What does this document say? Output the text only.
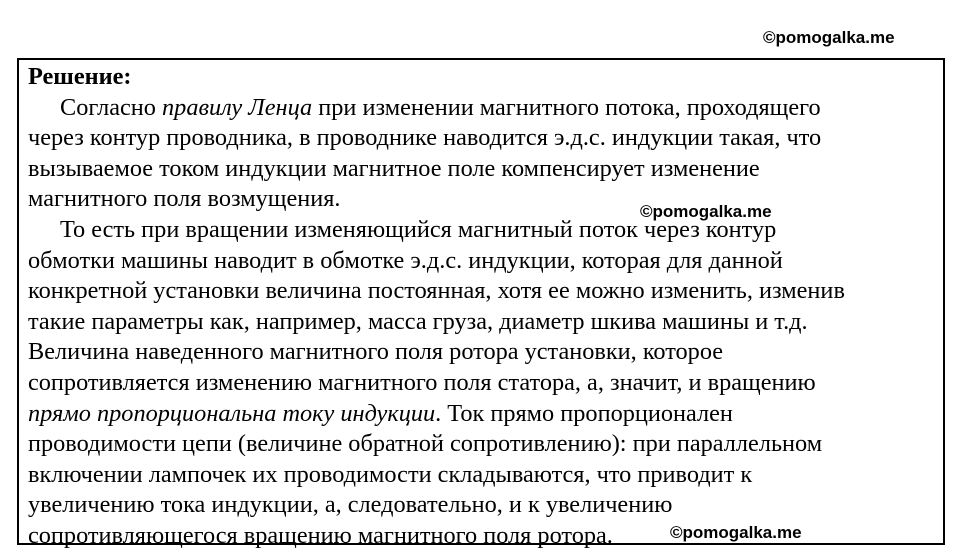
©pomogalka.me
Решение:
Согласно правилу Ленца при изменении магнитного потока, проходящего
через контур проводника, в проводнике наводится э.д.с. индукции такая, что
вызываемое током индукции магнитное поле компенсирует изменение
магнитного поля возмущения.
То есть при вращении изменяющийся магнитный поток через контур
обмотки машины наводит в обмотке э.д.с. индукции, которая для данной
конкретной установки величина постоянная, хотя ее можно изменить, изменив
такие параметры как, например, масса груза, диаметр шкива машины и т.д.
Величина наведенного магнитного поля ротора установки, которое
сопротивляется изменению магнитного поля статора, а, значит, и вращению
прямо пропорциональна току индукции. Ток прямо пропорционален
проводимости цепи (величине обратной сопротивлению): при параллельном
включении лампочек их проводимости складываются, что приводит к
увеличению тока индукции, а, следовательно, и к увеличению
сопротивляющегося вращению магнитного поля ротора.
©pomogalka.me
©pomogalka.me
